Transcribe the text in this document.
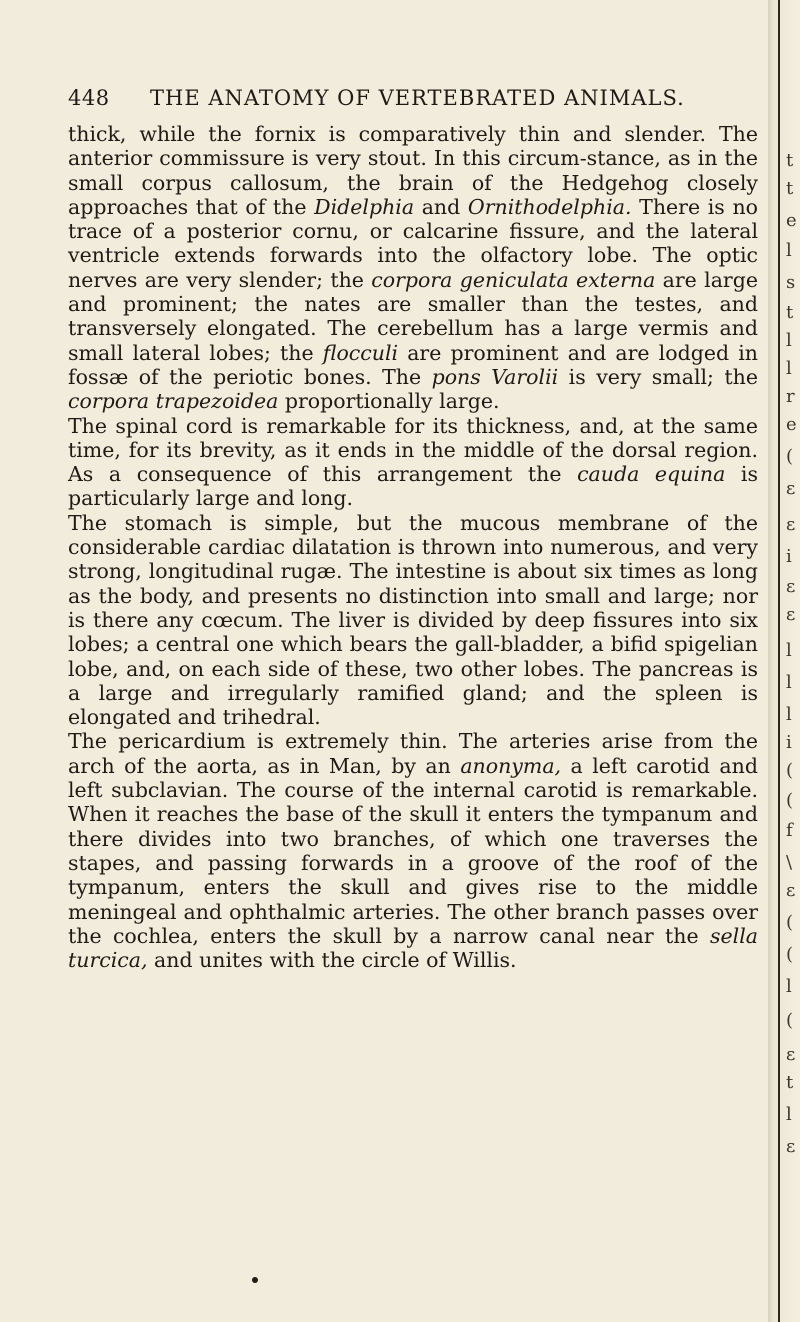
448 THE ANATOMY OF VERTEBRATED ANIMALS.

thick, while the fornix is comparatively thin and slender. The anterior commissure is very stout. In this circum-stance, as in the small corpus callosum, the brain of the Hedgehog closely approaches that of the Didelphia and Ornithodelphia. There is no trace of a posterior cornu, or calcarine fissure, and the lateral ventricle extends forwards into the olfactory lobe. The optic nerves are very slender; the corpora geniculata externa are large and prominent; the nates are smaller than the testes, and transversely elongated. The cerebellum has a large vermis and small lateral lobes; the flocculi are prominent and are lodged in fossæ of the periotic bones. The pons Varolii is very small; the corpora trapezoidea proportionally large.

The spinal cord is remarkable for its thickness, and, at the same time, for its brevity, as it ends in the middle of the dorsal region. As a consequence of this arrangement the cauda equina is particularly large and long.

The stomach is simple, but the mucous membrane of the considerable cardiac dilatation is thrown into numerous, and very strong, longitudinal rugæ. The intestine is about six times as long as the body, and presents no distinction into small and large; nor is there any cœcum. The liver is divided by deep fissures into six lobes; a central one which bears the gall-bladder, a bifid spigelian lobe, and, on each side of these, two other lobes. The pancreas is a large and irregularly ramified gland; and the spleen is elongated and trihedral.

The pericardium is extremely thin. The arteries arise from the arch of the aorta, as in Man, by an anonyma, a left carotid and left subclavian. The course of the internal carotid is remarkable. When it reaches the base of the skull it enters the tympanum and there divides into two branches, of which one traverses the stapes, and passing forwards in a groove of the roof of the tympanum, enters the skull and gives rise to the middle meningeal and ophthalmic arteries. The other branch passes over the cochlea, enters the skull by a narrow canal near the sella turcica, and unites with the circle of Willis.

t
t
e
l
s
t
l
l
r
e
(
ε
ε
i
ε
ε
l
l
l
i
(
(
f
\
ε
(
(
l
(
ε
t
l
ε
